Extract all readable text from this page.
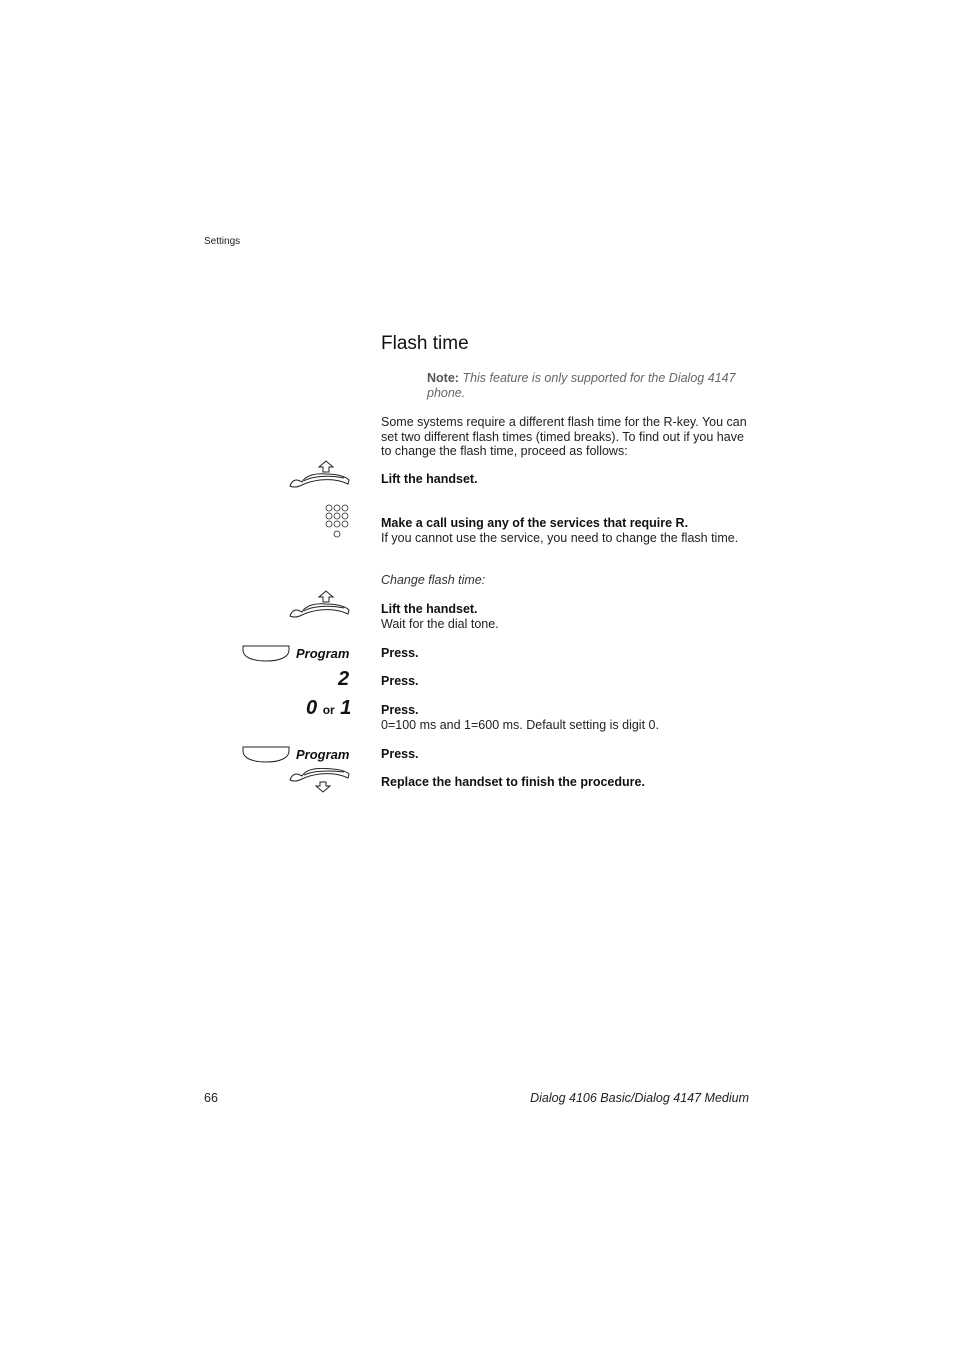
Settings
Flash time
Note: This feature is only supported for the Dialog 4147 phone.
Some systems require a different flash time for the R-key. You can set two different flash times (timed breaks). To find out if you have to change the flash time, proceed as follows:
Lift the handset.
Make a call using any of the services that require R.
If you cannot use the service, you need to change the flash time.
Change flash time:
Lift the handset.
Wait for the dial tone.
Program	Press.
2	Press.
0 or 1 Press.
0=100 ms and 1=600 ms. Default setting is digit 0.
Program	Press.
Replace the handset to finish the procedure.
66	Dialog 4106 Basic/Dialog 4147 Medium
